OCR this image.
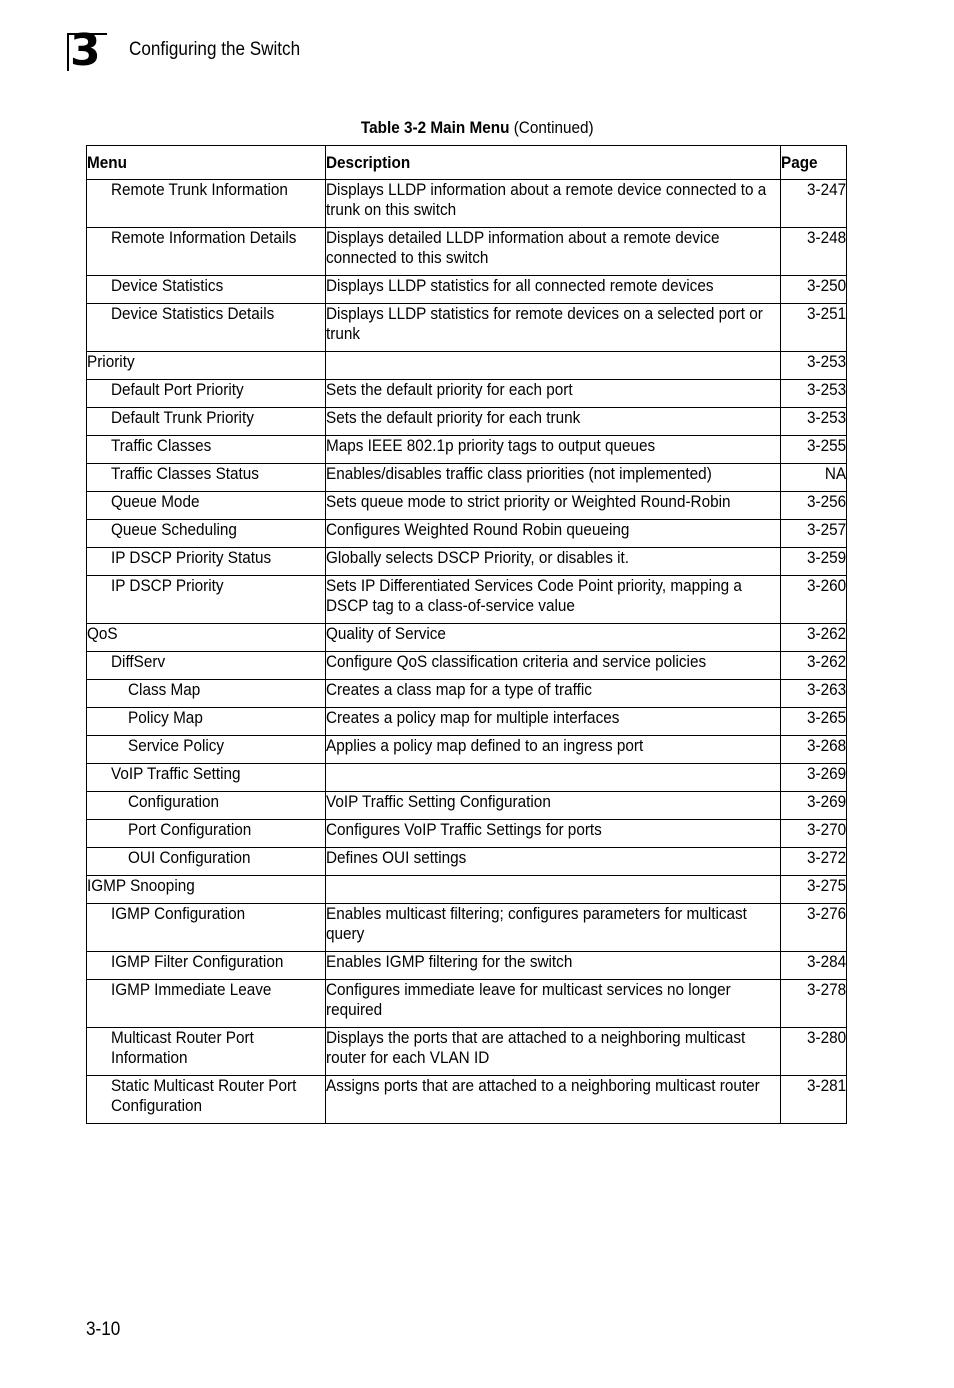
3 Configuring the Switch
Table 3-2 Main Menu (Continued)
Menu	Description	Page

Remote Trunk Information	Displays LLDP information about a remote device connected to a trunk on this switch	3-247

Remote Information Details	Displays detailed LLDP information about a remote device connected to this switch	3-248

Device Statistics	Displays LLDP statistics for all connected remote devices	3-250

Device Statistics Details	Displays LLDP statistics for remote devices on a selected port or trunk	3-251

Priority		3-253

Default Port Priority	Sets the default priority for each port	3-253

Default Trunk Priority	Sets the default priority for each trunk	3-253

Traffic Classes	Maps IEEE 802.1p priority tags to output queues	3-255

Traffic Classes Status	Enables/disables traffic class priorities (not implemented)	NA

Queue Mode	Sets queue mode to strict priority or Weighted Round-Robin	3-256

Queue Scheduling	Configures Weighted Round Robin queueing	3-257

IP DSCP Priority Status	Globally selects DSCP Priority, or disables it.	3-259

IP DSCP Priority	Sets IP Differentiated Services Code Point priority, mapping a DSCP tag to a class-of-service value	3-260

QoS	Quality of Service	3-262

DiffServ	Configure QoS classification criteria and service policies	3-262

Class Map	Creates a class map for a type of traffic	3-263

Policy Map	Creates a policy map for multiple interfaces	3-265

Service Policy	Applies a policy map defined to an ingress port	3-268

VoIP Traffic Setting		3-269

Configuration	VoIP Traffic Setting Configuration	3-269

Port Configuration	Configures VoIP Traffic Settings for ports	3-270

OUI Configuration	Defines OUI settings	3-272

IGMP Snooping		3-275

IGMP Configuration	Enables multicast filtering; configures parameters for multicast query	3-276

IGMP Filter Configuration	Enables IGMP filtering for the switch	3-284

IGMP Immediate Leave	Configures immediate leave for multicast services no longer required	3-278

Multicast Router Port Information	Displays the ports that are attached to a neighboring multicast router for each VLAN ID	3-280

Static Multicast Router Port Configuration	Assigns ports that are attached to a neighboring multicast router	3-281
3-10
